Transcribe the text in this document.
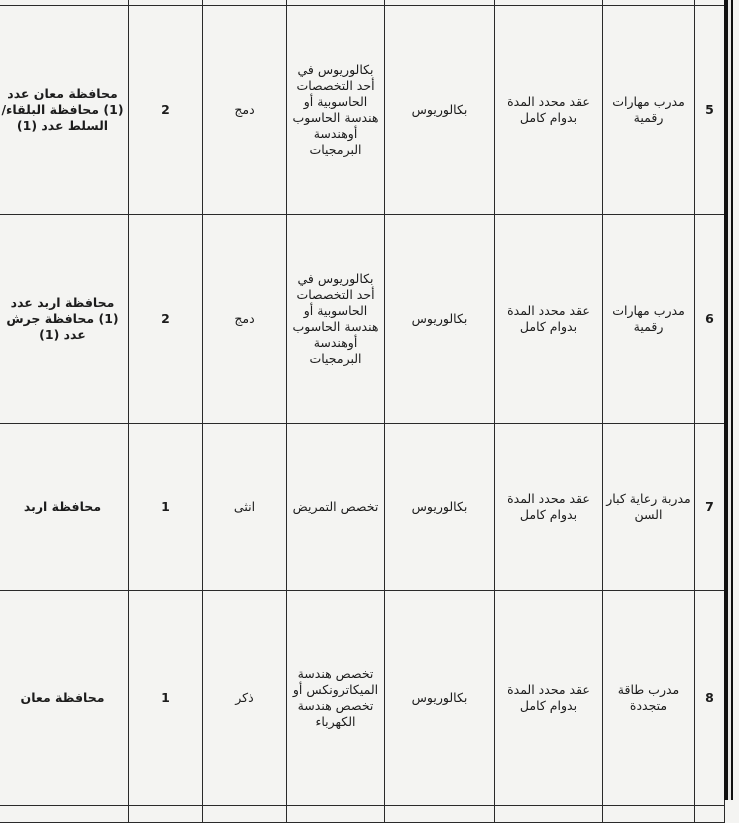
5	مدرب مهارات رقمية	عقد محدد المدة بدوام كامل	بكالوريوس	بكالوريوس في أحد التخصصات الحاسوبية أو هندسة الحاسوب أوهندسة البرمجيات	دمج	2	محافظة معان عدد (1) محافظة البلقاء/ السلط عدد (1)
6	مدرب مهارات رقمية	عقد محدد المدة بدوام كامل	بكالوريوس	بكالوريوس في أحد التخصصات الحاسوبية أو هندسة الحاسوب أوهندسة البرمجيات	دمج	2	محافظة اربد عدد (1) محافظة جرش عدد (1)
7	مدربة رعاية كبار السن	عقد محدد المدة بدوام كامل	بكالوريوس	تخصص التمريض	انثى	1	محافظة اربد
8	مدرب طاقة متجددة	عقد محدد المدة بدوام كامل	بكالوريوس	تخصص هندسة الميكاترونكس أو تخصص هندسة الكهرباء	ذكر	1	محافظة معان
